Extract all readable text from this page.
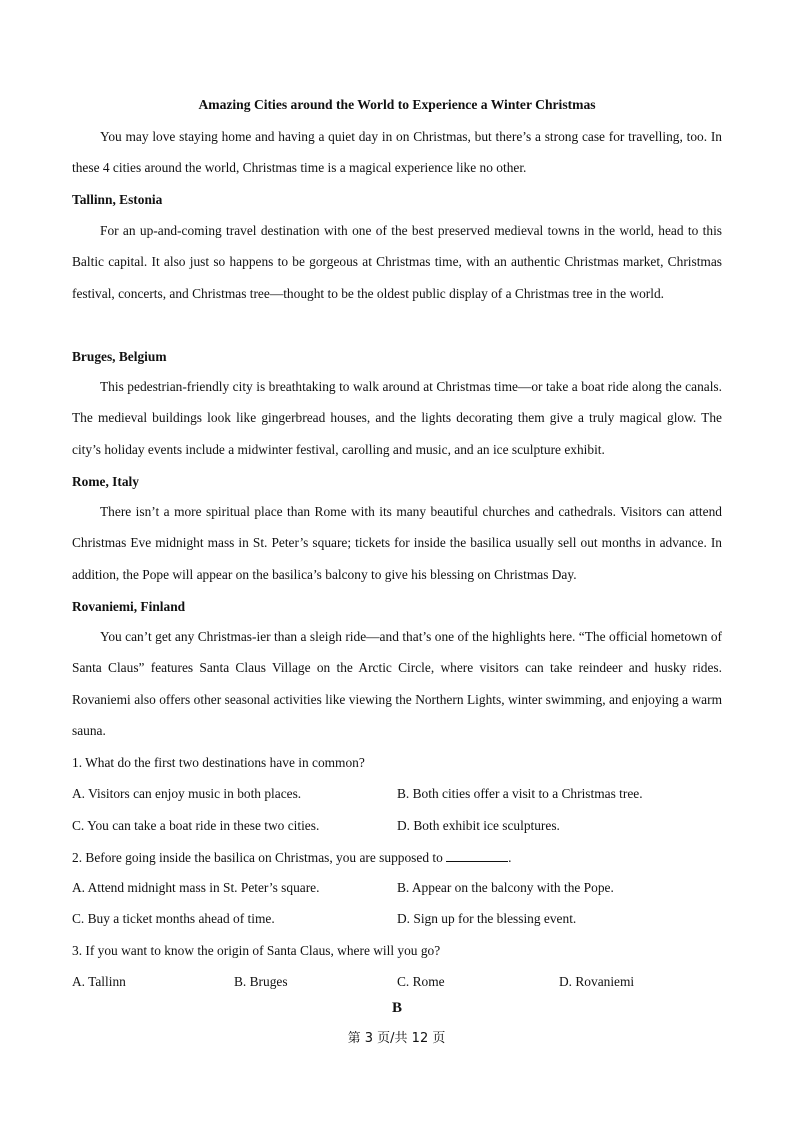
Amazing Cities around the World to Experience a Winter Christmas

You may love staying home and having a quiet day in on Christmas, but there’s a strong case for travelling, too. In these 4 cities around the world, Christmas time is a magical experience like no other.

Tallinn, Estonia

For an up-and-coming travel destination with one of the best preserved medieval towns in the world, head to this Baltic capital. It also just so happens to be gorgeous at Christmas time, with an authentic Christmas market, Christmas festival, concerts, and Christmas tree—thought to be the oldest public display of a Christmas tree in the world.

Bruges, Belgium

This pedestrian-friendly city is breathtaking to walk around at Christmas time—or take a boat ride along the canals. The medieval buildings look like gingerbread houses, and the lights decorating them give a truly magical glow. The city’s holiday events include a midwinter festival, carolling and music, and an ice sculpture exhibit.

Rome, Italy

There isn’t a more spiritual place than Rome with its many beautiful churches and cathedrals. Visitors can attend Christmas Eve midnight mass in St. Peter’s square; tickets for inside the basilica usually sell out months in advance. In addition, the Pope will appear on the basilica’s balcony to give his blessing on Christmas Day.

Rovaniemi, Finland

You can’t get any Christmas-ier than a sleigh ride—and that’s one of the highlights here. “The official hometown of Santa Claus” features Santa Claus Village on the Arctic Circle, where visitors can take reindeer and husky rides. Rovaniemi also offers other seasonal activities like viewing the Northern Lights, winter swimming, and enjoying a warm sauna.

1. What do the first two destinations have in common?
A. Visitors can enjoy music in both places.	B. Both cities offer a visit to a Christmas tree.
C. You can take a boat ride in these two cities.	D. Both exhibit ice sculptures.
2. Before going inside the basilica on Christmas, you are supposed to	.
A. Attend midnight mass in St. Peter’s square.	B. Appear on the balcony with the Pope.
C. Buy a ticket months ahead of time.	D. Sign up for the blessing event.
3. If you want to know the origin of Santa Claus, where will you go?
A. Tallinn	B. Bruges	C. Rome	D. Rovaniemi
B
第 3 页/共 12 页
